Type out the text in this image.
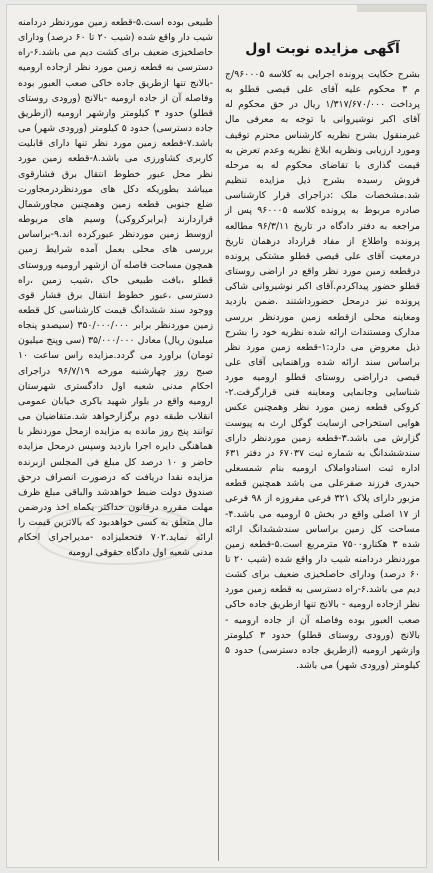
آگهی مزایده نوبت اول

بشرح حکایت پرونده اجرایی به کلاسه ۹۶۰۰۰۵/ج م ۳ محکوم علیه آقای علی قیصی قطلو به پرداخت ۱/۳۱۷/۶۷۰/۰۰۰ ریال در حق محکوم له آقای اکبر نوشیروانی با توجه به معرفی مال غیرمنقول بشرح نظریه کارشناس محترم توقیف ومورد ارزیابی ونظریه ابلاغ نظریه وعدم تعرض به قیمت گذاری با تقاضای محکوم له به مرحله فروش رسیده بشرح ذیل مزایده تنظیم شد.مشخصات ملک :دراجرای قرار کارشناسی صادره مربوط به پرونده کلاسه ۹۶۰۰۰۵ پس از مراجعه به دفتر دادگاه در تاریخ ۹۶/۳/۱۱ مطالعه پرونده واطلاع از مفاد قرارداد درهمان تاریخ درمعیت آقای علی قیصی قطلو مشتکی پرونده درقطعه زمین مورد نظر واقع در اراضی روستای قطلو حضور پیداکردم.آقای اکبر نوشیروانی شاکی پرونده نیز درمحل حضورداشتند .ضمن بازدید ومعاینه محلی ازقطعه زمین موردنظر بررسی مدارک ومستندات ارائه شده نظریه خود را بشرح ذیل معروض می دارد:۱-قطعه زمین مورد نظر براساس سند ارائه شده وراهنمایی آقای علی قیصی دراراضی روستای قطلو ارومیه مورد شناسایی وجانمایی ومعاینه فنی قرارگرفت.۲-کروکی قطعه زمین مورد نظر وهمچنین عکس هوایی استخراجی ازسایت گوگل ارث به پیوست گزارش می باشد.۳-قطعه زمین موردنظر دارای سندششدانگ به شماره ثبت ۶۷۰۳۷ در دفتر ۶۳۱ اداره ثبت اسنادواملاک ارومیه بنام شمسعلی حیدری فرزند صفرعلی می باشد همچنین قطعه مزبور دارای پلاک ۳۲۱ فرعی مفروزه از ۹۸ فرعی از ۱۷ اصلی واقع در بخش ۵ ارومیه می باشد.۴-مساحت کل زمین براساس سندششدانگ ارائه شده ۳ هکتارو۷۵۰۰ مترمربع است.۵-قطعه زمین موردنظر دردامنه شیب دار واقع شده (شیب ۲۰ تا ۶۰ درصد) ودارای حاصلخیزی ضعیف برای کشت دیم می باشد.۶-راه دسترسی به قطعه زمین مورد نظر ازجاده ارومیه - بالانج تنها ازطریق جاده خاکی صعب العبور بوده وفاصله آن از جاده ارومیه - بالانج (ورودی روستای قطلو) حدود ۳ کیلومتر وازشهر ارومیه (ازطریق جاده دسترسی) حدود ۵ کیلومتر (ورودی شهر) می باشد.

طبیعی بوده است.۵-قطعه زمین موردنظر دردامنه شیب دار واقع شده (شیب ۲۰ تا ۶۰ درصد) ودارای حاصلخیزی ضعیف برای کشت دیم می باشد.۶-راه دسترسی به قطعه زمین مورد نظر ازجاده ارومیه -بالانج تنها ازطریق جاده خاکی صعب العبور بوده وفاصله آن از جاده ارومیه -بالانج (ورودی روستای قطلو) حدود ۳ کیلومتر وازشهر ارومیه (ازطریق جاده دسترسی) حدود ۵ کیلومتر (ورودی شهر) می باشد.۷-قطعه زمین مورد نظر تنها دارای قابلیت کاربری کشاورزی می باشد.۸-قطعه زمین مورد نظر محل عبور خطوط انتقال برق فشارقوی میباشد بطوریکه دکل های موردنظردرمجاورت ضلع جنوبی قطعه زمین وهمچنین مجاورشمال قراردارند (برابرکروکی) وسیم های مربوطه ازوسط زمین موردنظر عبورکرده اند.۹-براساس بررسی های محلی بعمل آمده شرایط زمین همچون مساحت فاصله آن ازشهر ارومیه وروستای قطلو ،بافت طبیعی خاک ،شیب زمین ،راه دسترسی ،عبور خطوط انتقال برق فشار قوی ووجود سند ششدانگ قیمت کارشناسی کل قطعه زمین موردنظر برابر ۳۵۰/۰۰۰/۰۰۰ (سیصدو پنجاه میلیون ریال) معادل ۳۵/۰۰۰/۰۰۰ (سی وپنج میلیون تومان) براورد می گردد.مزایده راس ساعت ۱۰ صبح روز چهارشنبه مورخه ۹۶/۷/۱۹ دراجرای احکام مدنی شعبه اول دادگستری شهرستان ارومیه واقع در بلوار شهید باکری خیابان عمومی انقلاب طبقه دوم برگزارخواهد شد.متقاضیان می توانند پنج روز مانده به مزایده ازمحل موردنظر با هماهنگی دایره اجرا بازدید وسپس درمحل مزایده حاضر و ۱۰ درصد کل مبلغ فی المجلس ازبرنده مزایده نقدا دریافت که درصورت انصراف درحق صندوق دولت ضبط خواهدشد والباقی مبلغ ظرف مهلت مقرره درقانون حداکثر یکماه اخذ ودرضمن مال متعلق به کسی خواهدبود که بالاترین قیمت را ارائه نماید.۷۰۲ فتحعلیزاده -مدیراجرای احکام مدنی شعبه اول دادگاه حقوقی ارومیه
